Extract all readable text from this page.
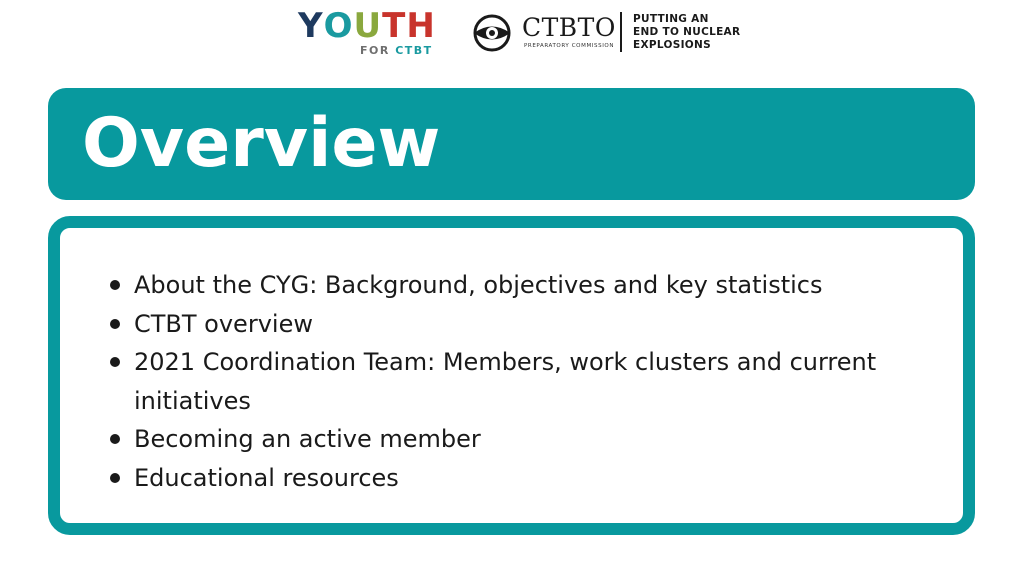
YOUTH
FOR CTBT
CTBTO
PREPARATORY COMMISSION
PUTTING AN
END TO NUCLEAR
EXPLOSIONS
Overview
About the CYG: Background, objectives and key statistics
CTBT overview
2021 Coordination Team: Members, work clusters and current initiatives
Becoming an active member
Educational resources
